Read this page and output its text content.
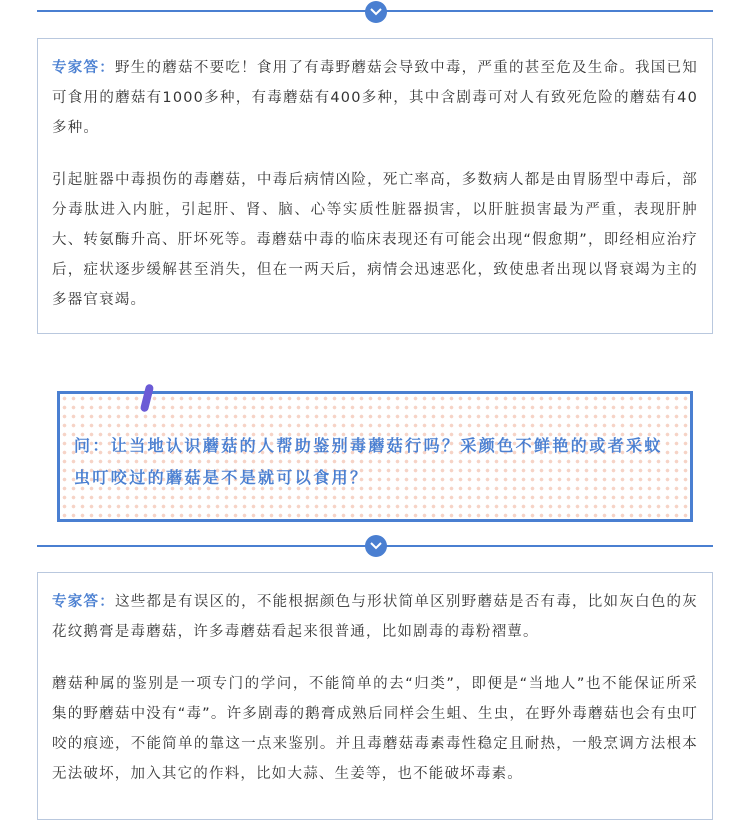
专家答：野生的蘑菇不要吃！食用了有毒野蘑菇会导致中毒，严重的甚至危及生命。我国已知可食用的蘑菇有1000多种，有毒蘑菇有400多种，其中含剧毒可对人有致死危险的蘑菇有40多种。

引起脏器中毒损伤的毒蘑菇，中毒后病情凶险，死亡率高，多数病人都是由胃肠型中毒后，部分毒肽进入内脏，引起肝、肾、脑、心等实质性脏器损害，以肝脏损害最为严重，表现肝肿大、转氨酶升高、肝坏死等。毒蘑菇中毒的临床表现还有可能会出现“假愈期”，即经相应治疗后，症状逐步缓解甚至消失，但在一两天后，病情会迅速恶化，致使患者出现以肾衰竭为主的多器官衰竭。

问：让当地认识蘑菇的人帮助鉴别毒蘑菇行吗？采颜色不鲜艳的或者采蚊虫叮咬过的蘑菇是不是就可以食用？

专家答：这些都是有误区的，不能根据颜色与形状简单区别野蘑菇是否有毒，比如灰白色的灰花纹鹅膏是毒蘑菇，许多毒蘑菇看起来很普通，比如剧毒的毒粉褶蕈。

蘑菇种属的鉴别是一项专门的学问，不能简单的去“归类”，即便是“当地人”也不能保证所采集的野蘑菇中没有“毒”。许多剧毒的鹅膏成熟后同样会生蛆、生虫，在野外毒蘑菇也会有虫叮咬的痕迹，不能简单的靠这一点来鉴别。并且毒蘑菇毒素毒性稳定且耐热，一般烹调方法根本无法破坏，加入其它的作料，比如大蒜、生姜等，也不能破坏毒素。
